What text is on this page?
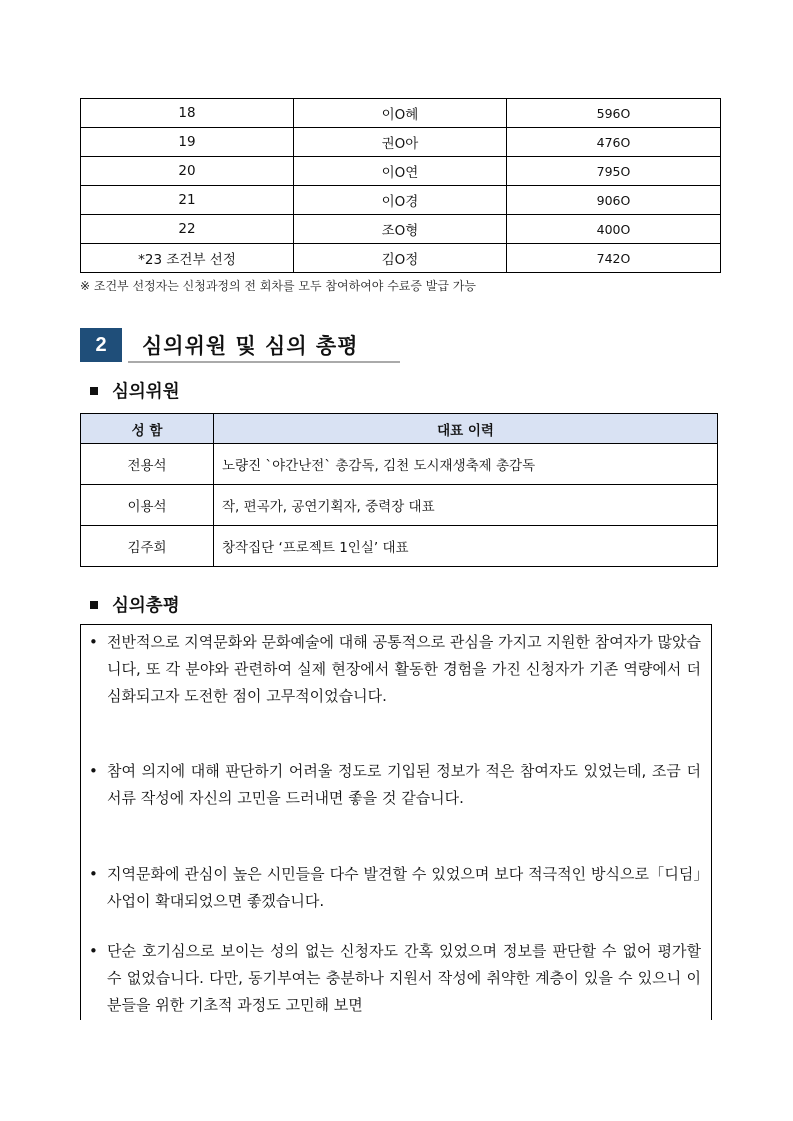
18	이O혜	596O
19	권O아	476O
20	이O연	795O
21	이O경	906O
22	조O형	400O
*23 조건부 선정	김O정	742O
※ 조건부 선정자는 신청과정의 전 회차를 모두 참여하여야 수료증 발급 가능
2	심의위원 및 심의 총평
심의위원
성 함	대표 이력
전용석	노량진 `야간난전` 총감독, 김천 도시재생축제 총감독
이용석	작, 편곡가, 공연기획자, 중력장 대표
김주희	창작집단 ‘프로젝트 1인실’ 대표
심의총평
• 전반적으로 지역문화와 문화예술에 대해 공통적으로 관심을 가지고 지원한 참여자가 많았습니다, 또 각 분야와 관련하여 실제 현장에서 활동한 경험을 가진 신청자가 기존 역량에서 더 심화되고자 도전한 점이 고무적이었습니다.
• 참여 의지에 대해 판단하기 어려울 정도로 기입된 정보가 적은 참여자도 있었는데, 조금 더 서류 작성에 자신의 고민을 드러내면 좋을 것 같습니다.
• 지역문화에 관심이 높은 시민들을 다수 발견할 수 있었으며 보다 적극적인 방식으로「디딤」사업이 확대되었으면 좋겠습니다.
• 단순 호기심으로 보이는 성의 없는 신청자도 간혹 있었으며 정보를 판단할 수 없어 평가할 수 없었습니다. 다만, 동기부여는 충분하나 지원서 작성에 취약한 계층이 있을 수 있으니 이분들을 위한 기초적 과정도 고민해 보면
